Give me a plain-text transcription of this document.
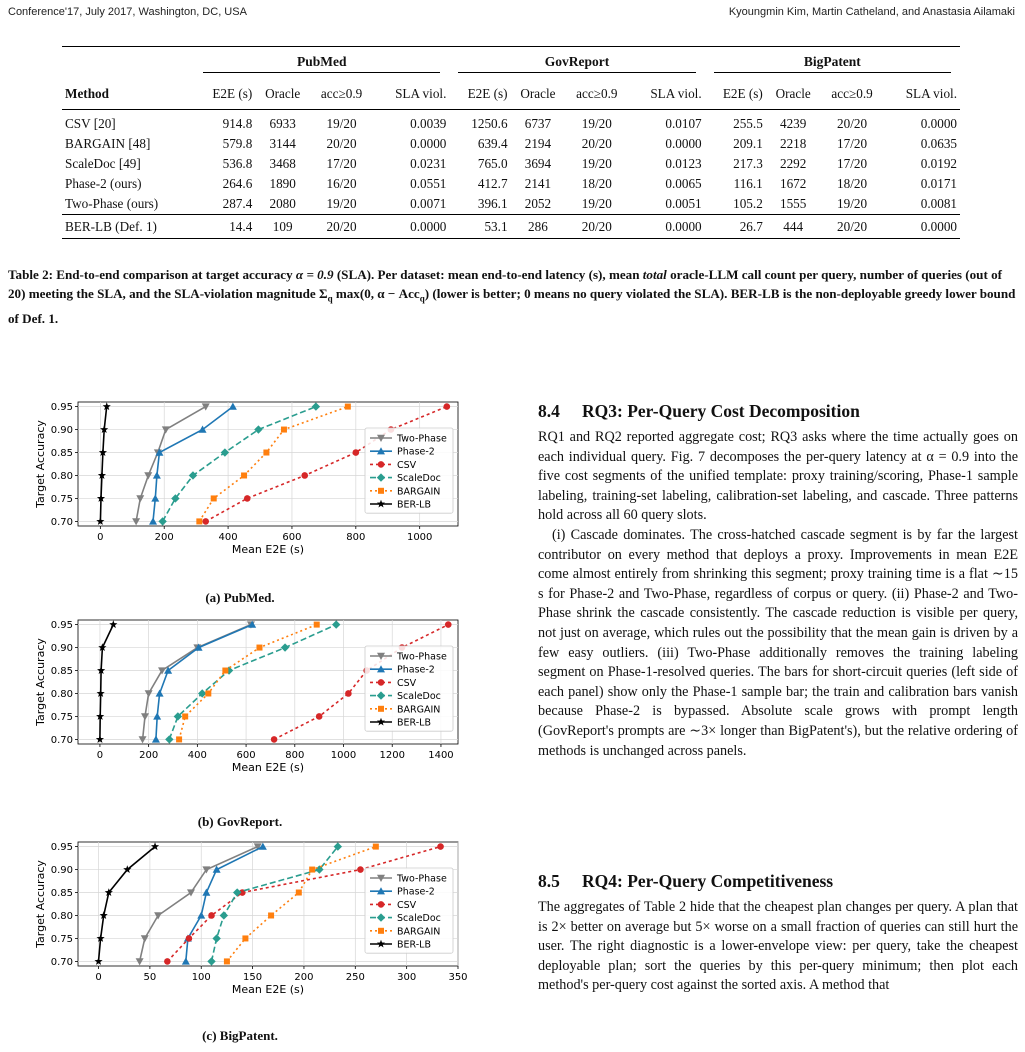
Conference'17, July 2017, Washington, DC, USA	Kyoungmin Kim, Martin Catheland, and Anastasia Ailamaki

	PubMed				GovReport				BigPatent			

Method	E2E (s)	Oracle	acc≥0.9	SLA viol.	E2E (s)	Oracle	acc≥0.9	SLA viol.	E2E (s)	Oracle	acc≥0.9	SLA viol.
CSV [20]	914.8	6933	19/20	0.0039	1250.6	6737	19/20	0.0107	255.5	4239	20/20	0.0000
BARGAIN [48]	579.8	3144	20/20	0.0000	639.4	2194	20/20	0.0000	209.1	2218	17/20	0.0635
ScaleDoc [49]	536.8	3468	17/20	0.0231	765.0	3694	19/20	0.0123	217.3	2292	17/20	0.0192
Phase-2 (ours)	264.6	1890	16/20	0.0551	412.7	2141	18/20	0.0065	116.1	1672	18/20	0.0171
Two-Phase (ours)	287.4	2080	19/20	0.0071	396.1	2052	19/20	0.0051	105.2	1555	19/20	0.0081
BER-LB (Def. 1)	14.4	109	20/20	0.0000	53.1	286	20/20	0.0000	26.7	444	20/20	0.0000
Table 2: End-to-end comparison at target accuracy α = 0.9 (SLA). Per dataset: mean end-to-end latency (s), mean total oracle-LLM call count per query, number of queries (out of 20) meeting the SLA, and the SLA-violation magnitude $\Sigma_q$ max(0, α − Acc$_q$) (lower is better; 0 means no query violated the SLA). BER-LB is the non-deployable greedy lower bound of Def. 1.
0.70
0.75
0.80
0.85
0.90
0.95
0	200	400	600	800	1000
Mean E2E (s)
Target Accuracy	Two-Phase
Phase-2
CSV
ScaleDoc
BARGAIN
BER-LB
(a) PubMed.
0.70
0.75
0.80
0.85
0.90
0.95
0	200	400	600	800	1000 1200 1400
Mean E2E (s)
Target Accuracy	Two-Phase
Phase-2
CSV
ScaleDoc
BARGAIN
BER-LB
(b) GovReport.
0.70
0.75
0.80
0.85
0.90
0.95
0	50	100	150	200	250	300	350
Mean E2E (s)
Target Accuracy	Two-Phase
Phase-2
CSV
ScaleDoc
BARGAIN
BER-LB
(c) BigPatent.
8.4 RQ3: Per-Query Cost Decomposition

RQ1 and RQ2 reported aggregate cost; RQ3 asks where the time actually goes on each individual query. Fig. 7 decomposes the per-query latency at α = 0.9 into the five cost segments of the unified template: proxy training/scoring, Phase-1 sample labeling, training-set labeling, calibration-set labeling, and cascade. Three patterns hold across all 60 query slots.

(i) Cascade dominates. The cross-hatched cascade segment is by far the largest contributor on every method that deploys a proxy. Improvements in mean E2E come almost entirely from shrinking this segment; proxy training time is a flat ∼15 s for Phase-2 and Two-Phase, regardless of corpus or query. (ii) Phase-2 and Two-Phase shrink the cascade consistently. The cascade reduction is visible per query, not just on average, which rules out the possibility that the mean gain is driven by a few easy outliers. (iii) Two-Phase additionally removes the training labeling segment on Phase-1-resolved queries. The bars for short-circuit queries (left side of each panel) show only the Phase-1 sample bar; the train and calibration bars vanish because Phase-2 is bypassed. Absolute scale grows with prompt length (GovReport's prompts are ∼3× longer than BigPatent's), but the relative ordering of methods is unchanged across panels.

8.5 RQ4: Per-Query Competitiveness

The aggregates of Table 2 hide that the cheapest plan changes per query. A plan that is 2× better on average but 5× worse on a small fraction of queries can still hurt the user. The right diagnostic is a lower-envelope view: per query, take the cheapest deployable plan; sort the queries by this per-query minimum; then plot each method's per-query cost against the sorted axis. A method that
